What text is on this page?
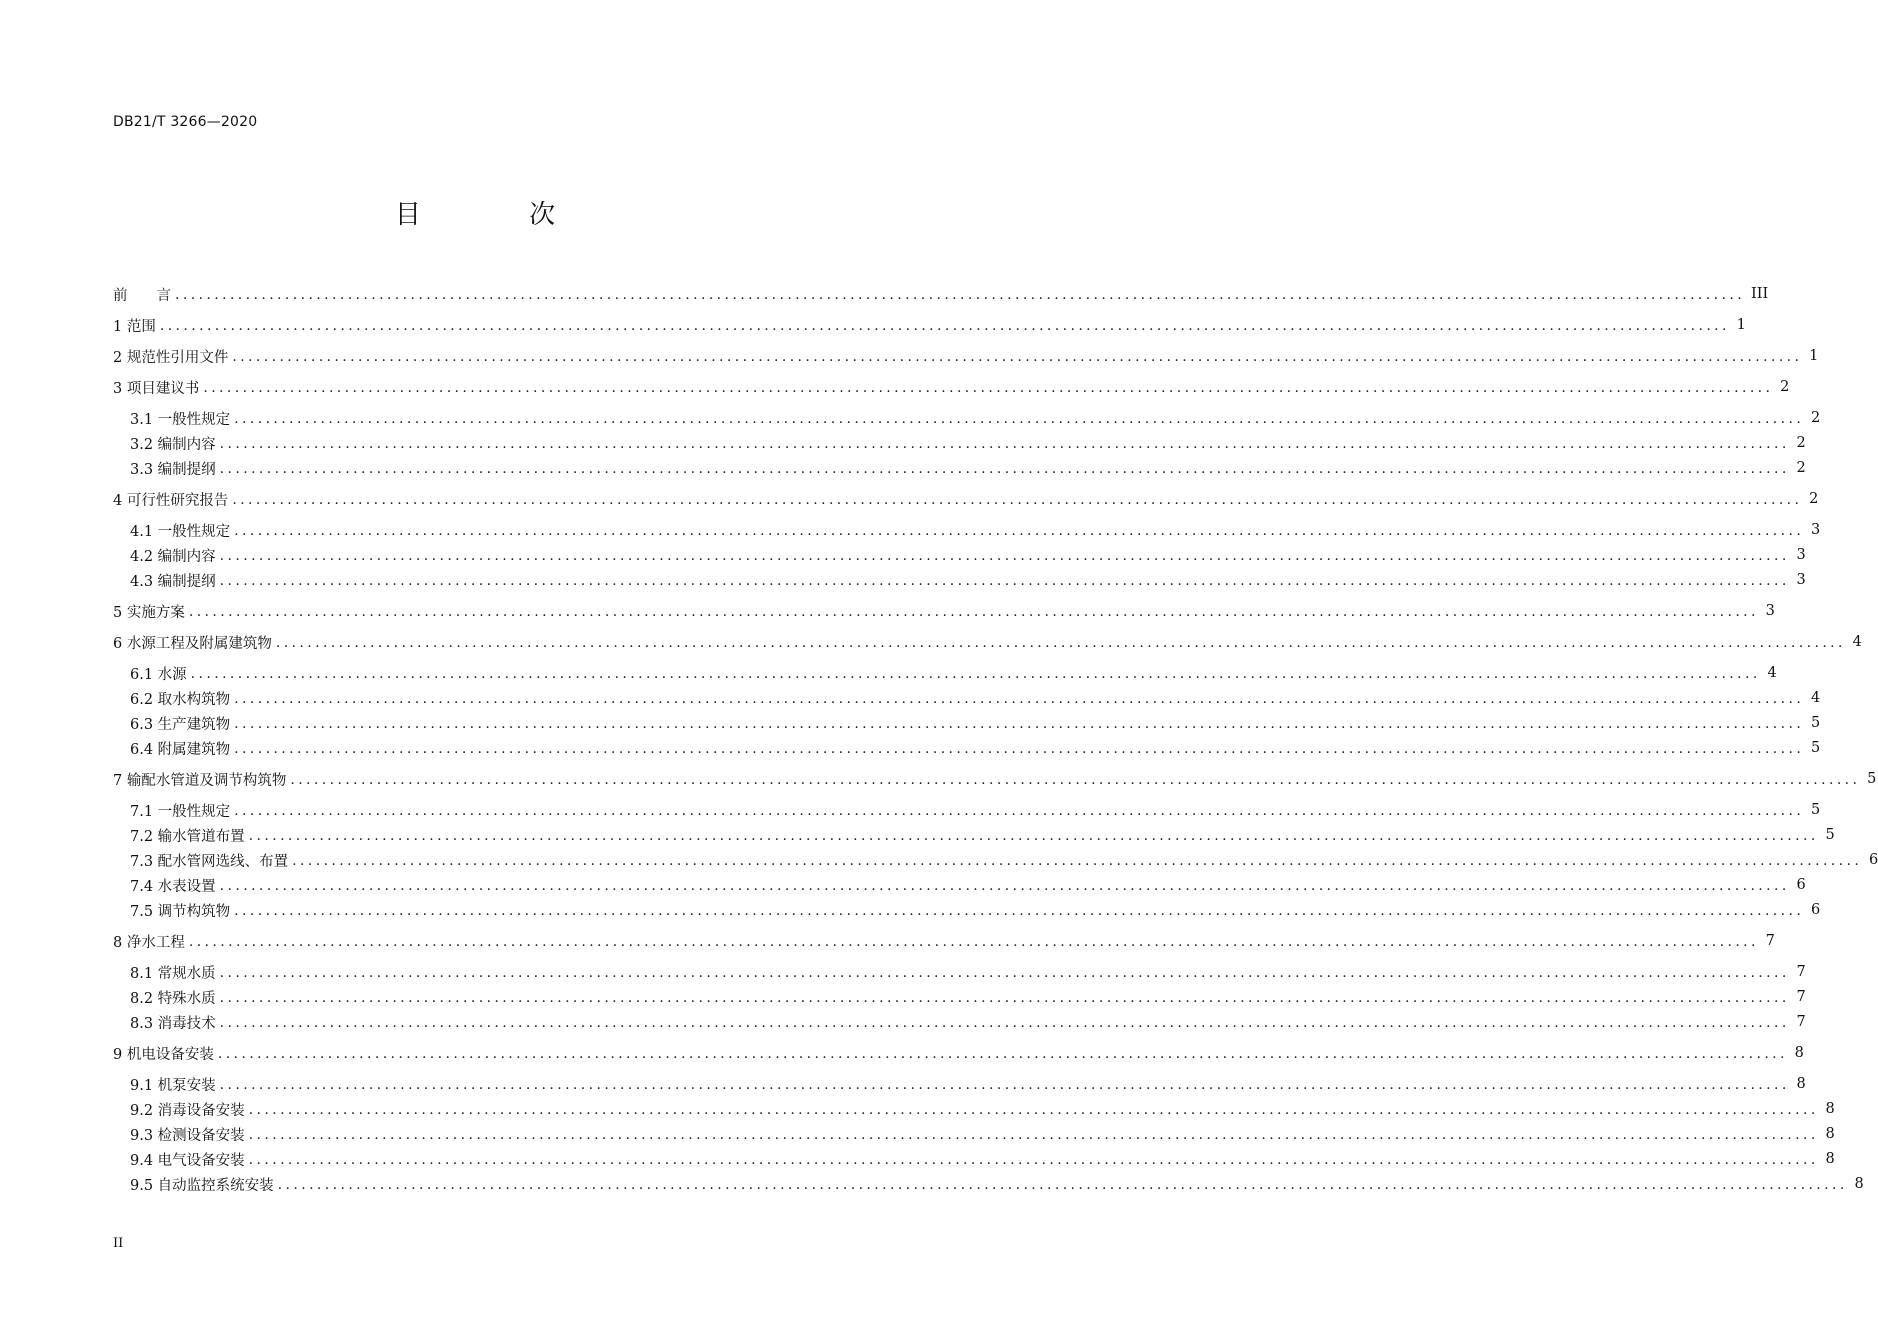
DB21/T 3266—2020
目 次
前　　言 ........................................................................................................................................................................................................ III
1 范围 ........................................................................................................................................................................................................ 1
2 规范性引用文件 ........................................................................................................................................................................................................ 1
3 项目建议书 ........................................................................................................................................................................................................ 2
3.1 一般性规定 ........................................................................................................................................................................................................ 2
3.2 编制内容 ........................................................................................................................................................................................................ 2
3.3 编制提纲 ........................................................................................................................................................................................................ 2
4 可行性研究报告 ........................................................................................................................................................................................................ 2
4.1 一般性规定 ........................................................................................................................................................................................................ 3
4.2 编制内容 ........................................................................................................................................................................................................ 3
4.3 编制提纲 ........................................................................................................................................................................................................ 3
5 实施方案 ........................................................................................................................................................................................................ 3
6 水源工程及附属建筑物 ........................................................................................................................................................................................................ 4
6.1 水源 ........................................................................................................................................................................................................ 4
6.2 取水构筑物 ........................................................................................................................................................................................................ 4
6.3 生产建筑物 ........................................................................................................................................................................................................ 5
6.4 附属建筑物 ........................................................................................................................................................................................................ 5
7 输配水管道及调节构筑物 ........................................................................................................................................................................................................ 5
7.1 一般性规定 ........................................................................................................................................................................................................ 5
7.2 输水管道布置 ........................................................................................................................................................................................................ 5
7.3 配水管网选线、布置 ........................................................................................................................................................................................................ 6
7.4 水表设置 ........................................................................................................................................................................................................ 6
7.5 调节构筑物 ........................................................................................................................................................................................................ 6
8 净水工程 ........................................................................................................................................................................................................ 7
8.1 常规水质 ........................................................................................................................................................................................................ 7
8.2 特殊水质 ........................................................................................................................................................................................................ 7
8.3 消毒技术 ........................................................................................................................................................................................................ 7
9 机电设备安装 ........................................................................................................................................................................................................ 8
9.1 机泵安装 ........................................................................................................................................................................................................ 8
9.2 消毒设备安装 ........................................................................................................................................................................................................ 8
9.3 检测设备安装 ........................................................................................................................................................................................................ 8
9.4 电气设备安装 ........................................................................................................................................................................................................ 8
9.5 自动监控系统安装 ........................................................................................................................................................................................................ 8
II
